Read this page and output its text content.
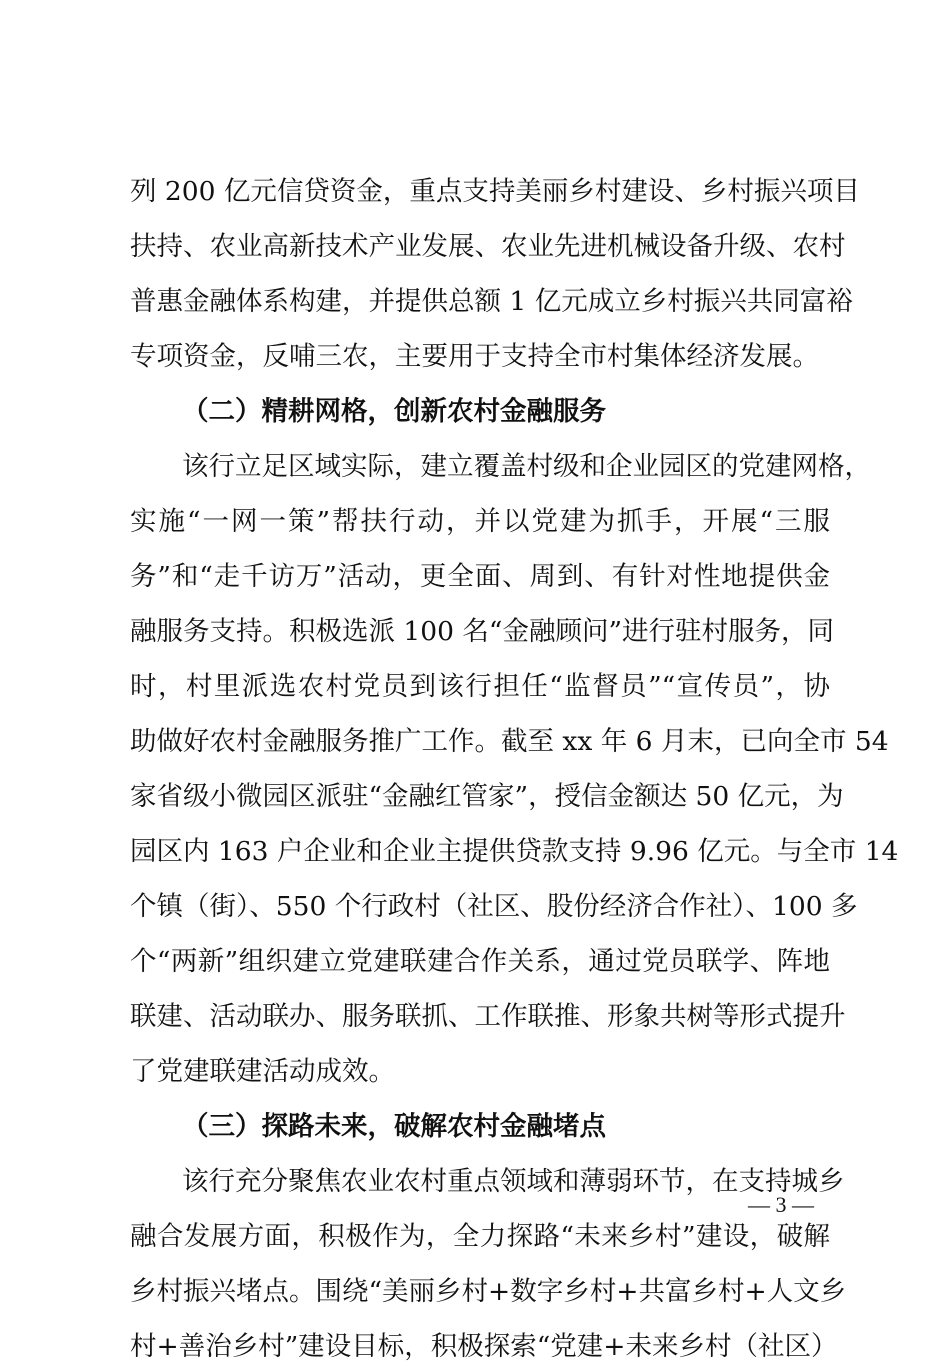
列 200 亿元信贷资金，重点支持美丽乡村建设、乡村振兴项目
扶持、农业高新技术产业发展、农业先进机械设备升级、农村
普惠金融体系构建，并提供总额 1 亿元成立乡村振兴共同富裕
专项资金，反哺三农，主要用于支持全市村集体经济发展。
（二）精耕网格，创新农村金融服务
该行立足区域实际，建立覆盖村级和企业园区的党建网格，
实施“一网一策”帮扶行动，并以党建为抓手，开展“三服
务”和“走千访万”活动，更全面、周到、有针对性地提供金
融服务支持。积极选派 100 名“金融顾问”进行驻村服务，同
时，村里派选农村党员到该行担任“监督员”“宣传员”，协
助做好农村金融服务推广工作。截至 xx 年 6 月末，已向全市 54
家省级小微园区派驻“金融红管家”，授信金额达 50 亿元，为
园区内 163 户企业和企业主提供贷款支持 9.96 亿元。与全市 14
个镇（街）、550 个行政村（社区、股份经济合作社）、100 多
个“两新”组织建立党建联建合作关系，通过党员联学、阵地
联建、活动联办、服务联抓、工作联推、形象共树等形式提升
了党建联建活动成效。
（三）探路未来，破解农村金融堵点
该行充分聚焦农业农村重点领域和薄弱环节，在支持城乡
融合发展方面，积极作为，全力探路“未来乡村”建设，破解
乡村振兴堵点。围绕“美丽乡村+数字乡村+共富乡村+人文乡
村+善治乡村”建设目标，积极探索“党建+未来乡村（社区）
— 3 —
